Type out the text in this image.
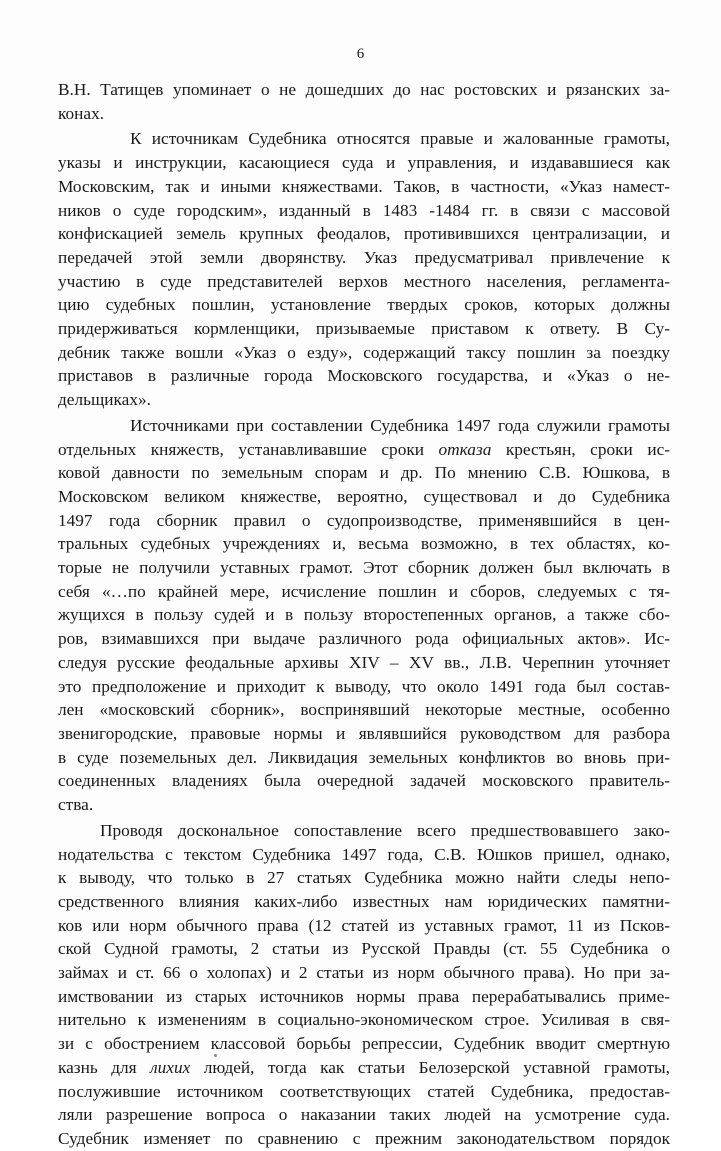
6

В.Н. Татищев упоминает о не дошедших до нас ростовских и рязанских за-
конах.

К источникам Судебника относятся правые и жалованные грамоты,
указы и инструкции, касающиеся суда и управления, и издававшиеся как
Московским, так и иными княжествами. Таков, в частности, «Указ намест-
ников о суде городским», изданный в 1483 -1484 гг. в связи с массовой
конфискацией земель крупных феодалов, противившихся централизации, и
передачей этой земли дворянству. Указ предусматривал привлечение к
участию в суде представителей верхов местного населения, регламента-
цию судебных пошлин, установление твердых сроков, которых должны
придерживаться кормленщики, призываемые приставом к ответу. В Су-
дебник также вошли «Указ о езду», содержащий таксу пошлин за поездку
приставов в различные города Московского государства, и «Указ о не-
дельщиках».

Источниками при составлении Судебника 1497 года служили грамоты
отдельных княжеств, устанавливавшие сроки отказа крестьян, сроки ис-
ковой давности по земельным спорам и др. По мнению С.В. Юшкова, в
Московском великом княжестве, вероятно, существовал и до Судебника
1497 года сборник правил о судопроизводстве, применявшийся в цен-
тральных судебных учреждениях и, весьма возможно, в тех областях, ко-
торые не получили уставных грамот. Этот сборник должен был включать в
себя «…по крайней мере, исчисление пошлин и сборов, следуемых с тя-
жущихся в пользу судей и в пользу второстепенных органов, а также сбо-
ров, взимавшихся при выдаче различного рода официальных актов». Ис-
следуя русские феодальные архивы XIV – XV вв., Л.В. Черепнин уточняет
это предположение и приходит к выводу, что около 1491 года был состав-
лен «московский сборник», воспринявший некоторые местные, особенно
звенигородские, правовые нормы и являвшийся руководством для разбора
в суде поземельных дел. Ликвидация земельных конфликтов во вновь при-
соединенных владениях была очередной задачей московского правитель-
ства.

Проводя доскональное сопоставление всего предшествовавшего зако-
нодательства с текстом Судебника 1497 года, С.В. Юшков пришел, однако,
к выводу, что только в 27 статьях Судебника можно найти следы непо-
средственного влияния каких-либо известных нам юридических памятни-
ков или норм обычного права (12 статей из уставных грамот, 11 из Псков-
ской Судной грамоты, 2 статьи из Русской Правды (ст. 55 Судебника о
займах и ст. 66 о холопах) и 2 статьи из норм обычного права). Но при за-
имствовании из старых источников нормы права перерабатывались приме-
нительно к изменениям в социально-экономическом строе. Усиливая в свя-
зи с обострением классовой борьбы репрессии, Судебник вводит смертную
казнь для лихих людей, тогда как статьи Белозерской уставной грамоты,
послужившие источником соответствующих статей Судебника, предостав-
ляли разрешение вопроса о наказании таких людей на усмотрение суда.
Судебник изменяет по сравнению с прежним законодательством порядок
